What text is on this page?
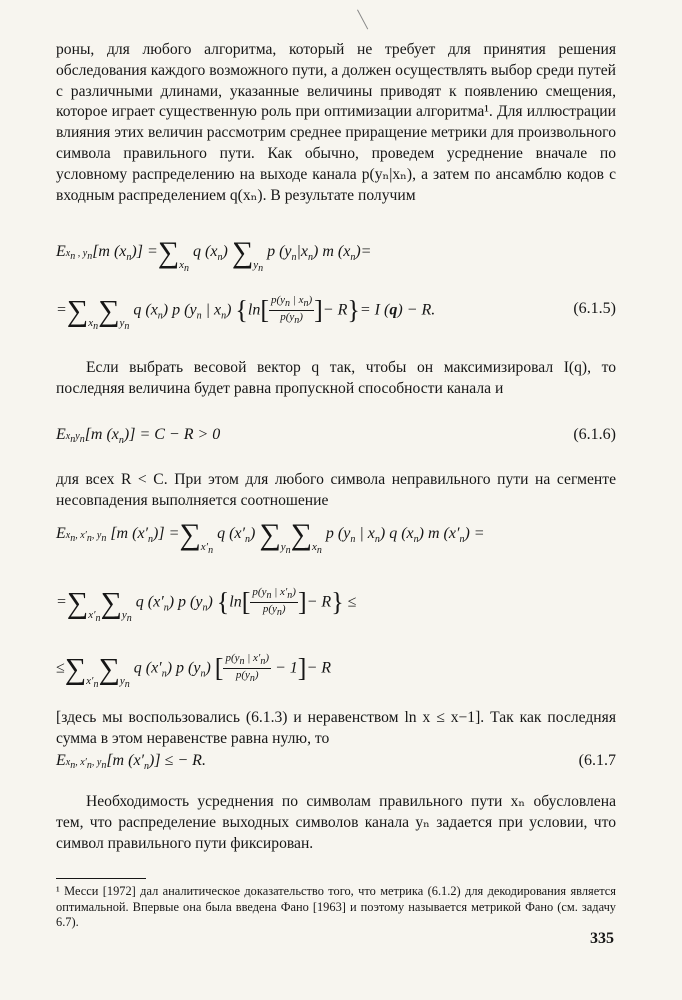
роны, для любого алгоритма, который не требует для принятия решения обследования каждого возможного пути, а должен осуществлять выбор среди путей с различными длинами, указанные величины приводят к появлению смещения, которое играет существенную роль при оптимизации алгоритма¹. Для иллюстрации влияния этих величин рассмотрим среднее приращение метрики для произвольного символа правильного пути. Как обычно, проведем усреднение вначале по условному распределению на выходе канала p(yₙ|xₙ), а затем по ансамблю кодов с входным распределением q(xₙ). В результате получим

$Ex_n$ , $y_n[m$ $(x_n)] =\sum_{x_n}$ q $(x_n)$ $\sum_{y_n}$ p $(y_n|x_n)$ m $(x_n)=$
$=\sum_{x_n}\sum_{y_n}$ q $(x_n)$ p ($y_n$ | $x_n$) {$\ln[ \frac{p(y_n | x_n)}{p(y_n)}$ ]− R}= I (q) − R.	(6.1.5)

Если выбрать весовой вектор q так, чтобы он максимизировал I(q), то последняя величина будет равна пропускной способности канала и

$Ex_ny_n[m$ $(x_n)] = C - R > 0$	(6.1.6)

для всех R < C. При этом для любого символа неправильного пути на сегменте несовпадения выполняется соотношение

$Ex_n$, $x'_n$, $y_n$ [m $(x'_n)] =\sum_{x'_n}$ q $(x'_n)$ $\sum_{y_n}\sum_{x_n}$ p ($y_n$ | $x_n$) q $(x_n)$ m $(x'_n)$ =
$=\sum_{x'_n}\sum_{y_n}$ q $(x'_n)$ p $(y_n)$ {$\ln[ \frac{p(y_n | x'_n)}{p(y_n)}$ ]− R} ≤
$\le\sum_{x'_n}\sum_{y_n}$ q $(x'_n)$ p $(y_n)$ [ $\frac{p(y_n | x'_n)}{p(y_n)} - 1]- R$

[здесь мы воспользовались (6.1.3) и неравенством ln x ≤ x−1]. Так как последняя сумма в этом неравенстве равна нулю, то

$Ex_n$, $x'_n$, $y_n[m$ $(x'_n)$] ≤ − R.	(6.1.7

Необходимость усреднения по символам правильного пути xₙ обусловлена тем, что распределение выходных символов канала yₙ задается при условии, что символ правильного пути фиксирован.

¹ Месси [1972] дал аналитическое доказательство того, что метрика (6.1.2) для декодирования является оптимальной. Впервые она была введена Фано [1963] и поэтому называется метрикой Фано (см. задачу 6.7).

335
